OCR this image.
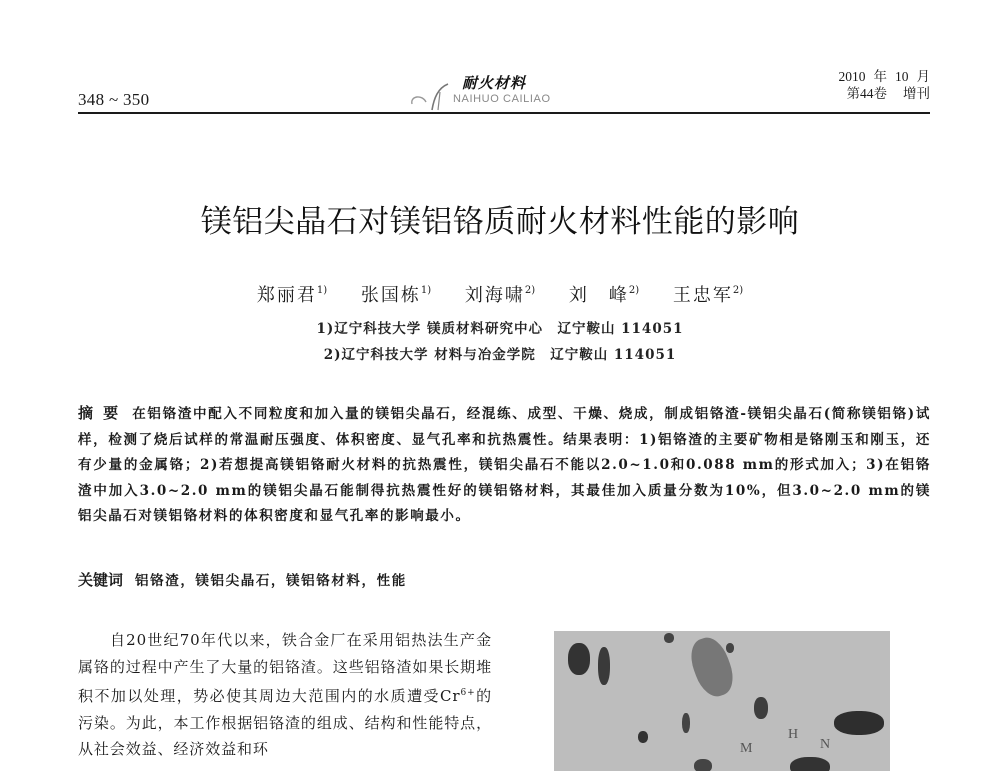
348 ~ 350
耐火材料
NAIHUO CAILIAO
2010 年 10 月
第44卷 增刊
镁铝尖晶石对镁铝铬质耐火材料性能的影响
郑丽君$^{1)}$ 张国栋$^{1)}$ 刘海啸$^{2)}$ 刘　峰$^{2)}$ 王忠军$^{2)}$
1)辽宁科技大学 镁质材料研究中心　辽宁鞍山 114051
2)辽宁科技大学 材料与冶金学院　辽宁鞍山 114051
摘要 在铝铬渣中配入不同粒度和加入量的镁铝尖晶石，经混练、成型、干燥、烧成，制成铝铬渣-镁铝尖晶石(简称镁铝铬)试样，检测了烧后试样的常温耐压强度、体积密度、显气孔率和抗热震性。结果表明：1)铝铬渣的主要矿物相是铬刚玉和刚玉，还有少量的金属铬；2)若想提高镁铝铬耐火材料的抗热震性，镁铝尖晶石不能以2.0~1.0和0.088 mm的形式加入；3)在铝铬渣中加入3.0~2.0 mm的镁铝尖晶石能制得抗热震性好的镁铝铬材料，其最佳加入质量分数为10%，但3.0~2.0 mm的镁铝尖晶石对镁铝铬材料的体积密度和显气孔率的影响最小。
关键词 铝铬渣，镁铝尖晶石，镁铝铬材料，性能
自20世纪70年代以来，铁合金厂在采用铝热法生产金属铬的过程中产生了大量的铝铬渣。这些铝铬渣如果长期堆积不加以处理，势必使其周边大范围内的水质遭受$Cr^{6+}$的污染。为此，本工作根据铝铬渣的组成、结构和性能特点，从社会效益、经济效益和环	M
H
N
